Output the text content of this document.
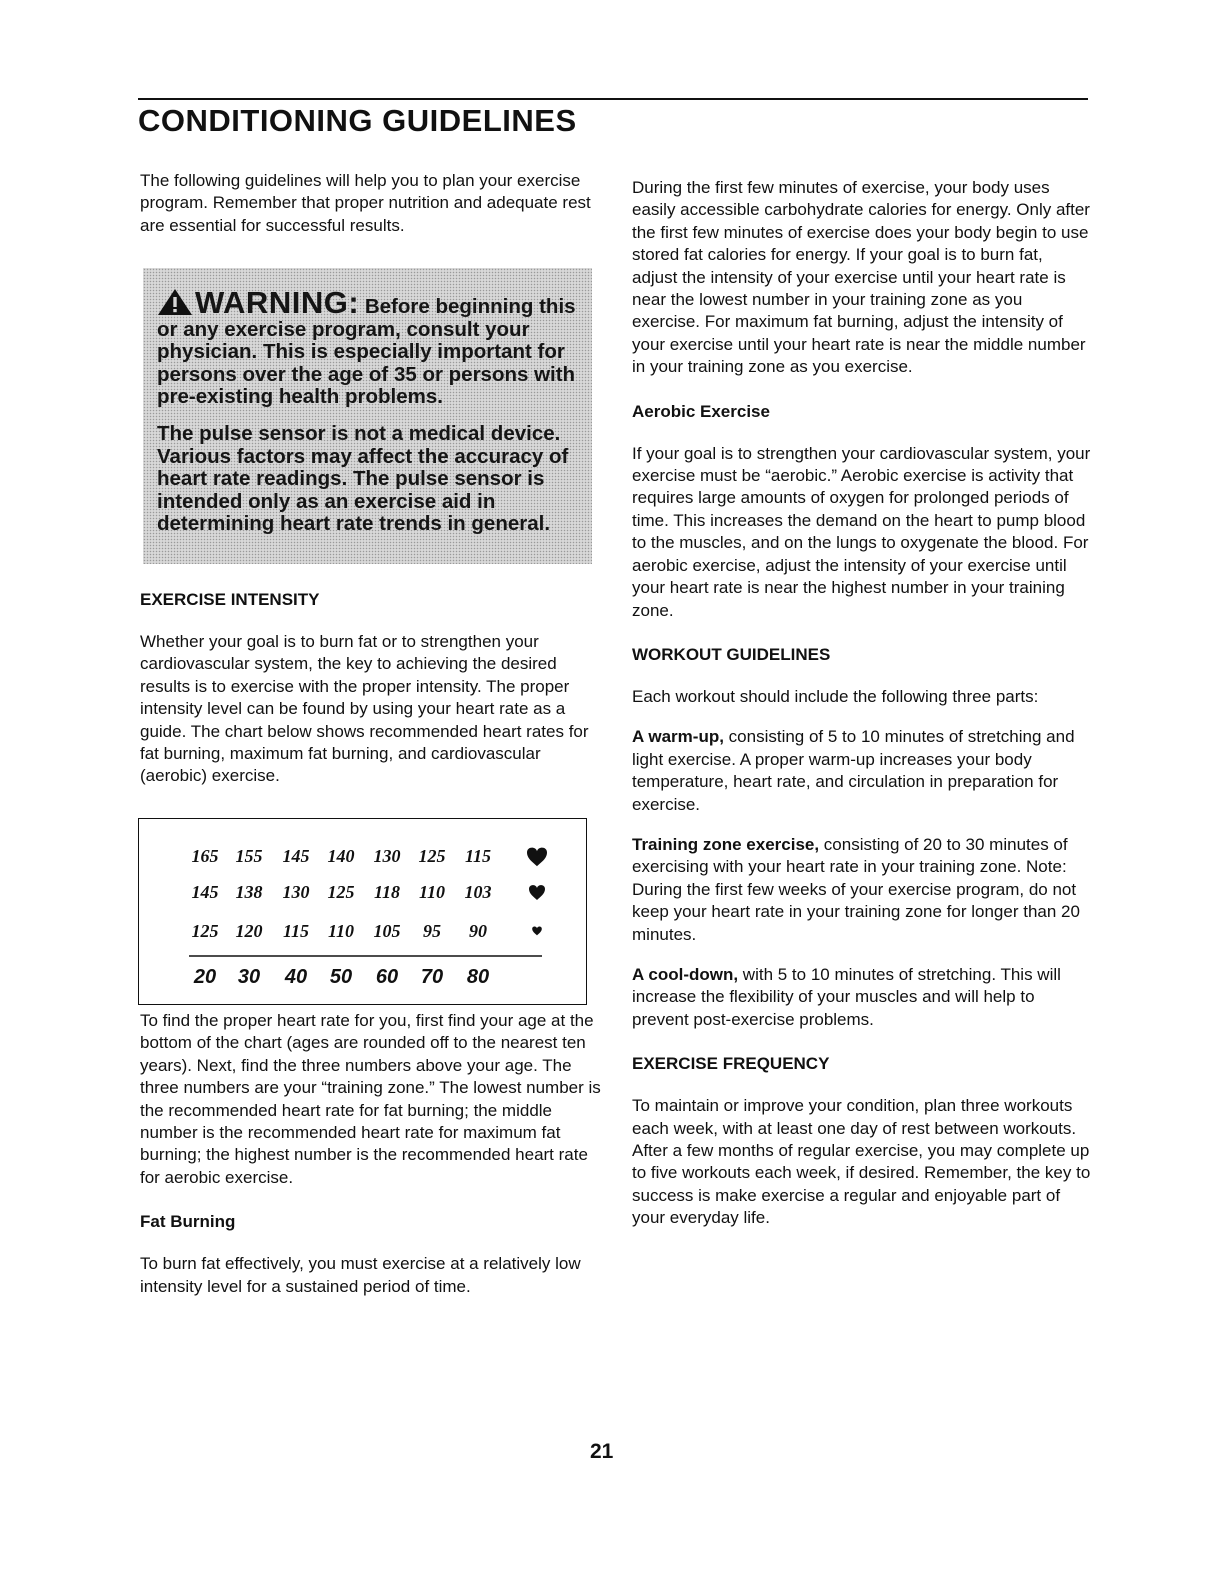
CONDITIONING GUIDELINES

The following guidelines will help you to plan your exercise program. Remember that proper nutrition and adequate rest are essential for successful results.

WARNING: Before beginning this or any exercise program, consult your physician. This is especially important for persons over the age of 35 or persons with pre-existing health problems.

The pulse sensor is not a medical device. Various factors may affect the accuracy of heart rate readings. The pulse sensor is intended only as an exercise aid in determining heart rate trends in general.

EXERCISE INTENSITY

Whether your goal is to burn fat or to strengthen your cardiovascular system, the key to achieving the desired results is to exercise with the proper intensity. The proper intensity level can be found by using your heart rate as a guide. The chart below shows recommended heart rates for fat burning, maximum fat burning, and cardiovascular (aerobic) exercise.

165 155 145 140 130 125 115
145 138 130 125 118 110 103
125 120 115 110 105 95 90
20 30 40 50 60 70 80

To find the proper heart rate for you, first find your age at the bottom of the chart (ages are rounded off to the nearest ten years). Next, find the three numbers above your age. The three numbers are your “training zone.” The lowest number is the recommended heart rate for fat burning; the middle number is the recommended heart rate for maximum fat burning; the highest number is the recommended heart rate for aerobic exercise.

Fat Burning

To burn fat effectively, you must exercise at a relatively low intensity level for a sustained period of time.

During the first few minutes of exercise, your body uses easily accessible carbohydrate calories for energy. Only after the first few minutes of exercise does your body begin to use stored fat calories for energy. If your goal is to burn fat, adjust the intensity of your exercise until your heart rate is near the lowest number in your training zone as you exercise. For maximum fat burning, adjust the intensity of your exercise until your heart rate is near the middle number in your training zone as you exercise.

Aerobic Exercise

If your goal is to strengthen your cardiovascular system, your exercise must be “aerobic.” Aerobic exercise is activity that requires large amounts of oxygen for prolonged periods of time. This increases the demand on the heart to pump blood to the muscles, and on the lungs to oxygenate the blood. For aerobic exercise, adjust the intensity of your exercise until your heart rate is near the highest number in your training zone.

WORKOUT GUIDELINES

Each workout should include the following three parts:

A warm-up, consisting of 5 to 10 minutes of stretching and light exercise. A proper warm-up increases your body temperature, heart rate, and circulation in preparation for exercise.

Training zone exercise, consisting of 20 to 30 minutes of exercising with your heart rate in your training zone. Note: During the first few weeks of your exercise program, do not keep your heart rate in your training zone for longer than 20 minutes.

A cool-down, with 5 to 10 minutes of stretching. This will increase the flexibility of your muscles and will help to prevent post-exercise problems.

EXERCISE FREQUENCY

To maintain or improve your condition, plan three workouts each week, with at least one day of rest between workouts. After a few months of regular exercise, you may complete up to five workouts each week, if desired. Remember, the key to success is make exercise a regular and enjoyable part of your everyday life.

21
